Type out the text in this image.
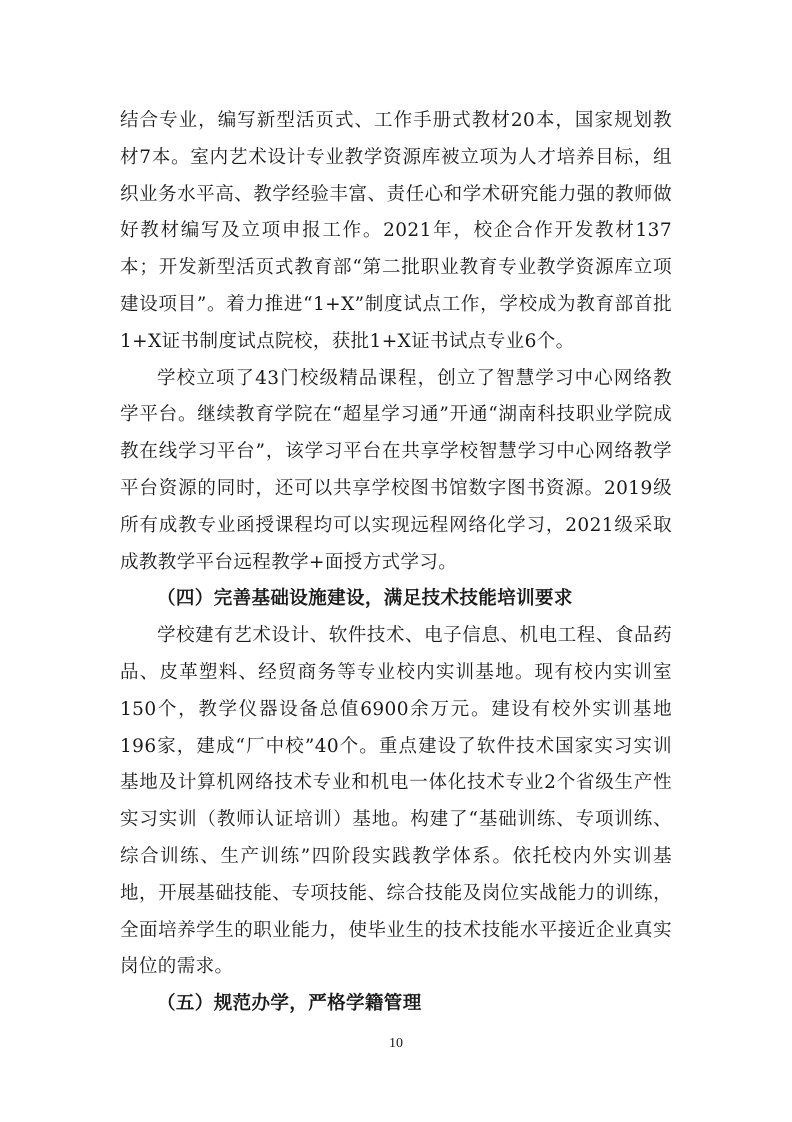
结合专业，编写新型活页式、工作手册式教材20本，国家规划教材7本。室内艺术设计专业教学资源库被立项为人才培养目标，组织业务水平高、教学经验丰富、责任心和学术研究能力强的教师做好教材编写及立项申报工作。2021年，校企合作开发教材137本；开发新型活页式教育部“第二批职业教育专业教学资源库立项建设项目”。着力推进“1+X”制度试点工作，学校成为教育部首批1+X证书制度试点院校，获批1+X证书试点专业6个。

学校立项了43门校级精品课程，创立了智慧学习中心网络教学平台。继续教育学院在“超星学习通”开通“湖南科技职业学院成教在线学习平台”，该学习平台在共享学校智慧学习中心网络教学平台资源的同时，还可以共享学校图书馆数字图书资源。2019级所有成教专业函授课程均可以实现远程网络化学习，2021级采取成教教学平台远程教学+面授方式学习。

（四）完善基础设施建设，满足技术技能培训要求

学校建有艺术设计、软件技术、电子信息、机电工程、食品药品、皮革塑料、经贸商务等专业校内实训基地。现有校内实训室150个，教学仪器设备总值6900余万元。建设有校外实训基地196家，建成“厂中校”40个。重点建设了软件技术国家实习实训基地及计算机网络技术专业和机电一体化技术专业2个省级生产性实习实训（教师认证培训）基地。构建了“基础训练、专项训练、综合训练、生产训练”四阶段实践教学体系。依托校内外实训基地，开展基础技能、专项技能、综合技能及岗位实战能力的训练，全面培养学生的职业能力，使毕业生的技术技能水平接近企业真实岗位的需求。

（五）规范办学，严格学籍管理

10
